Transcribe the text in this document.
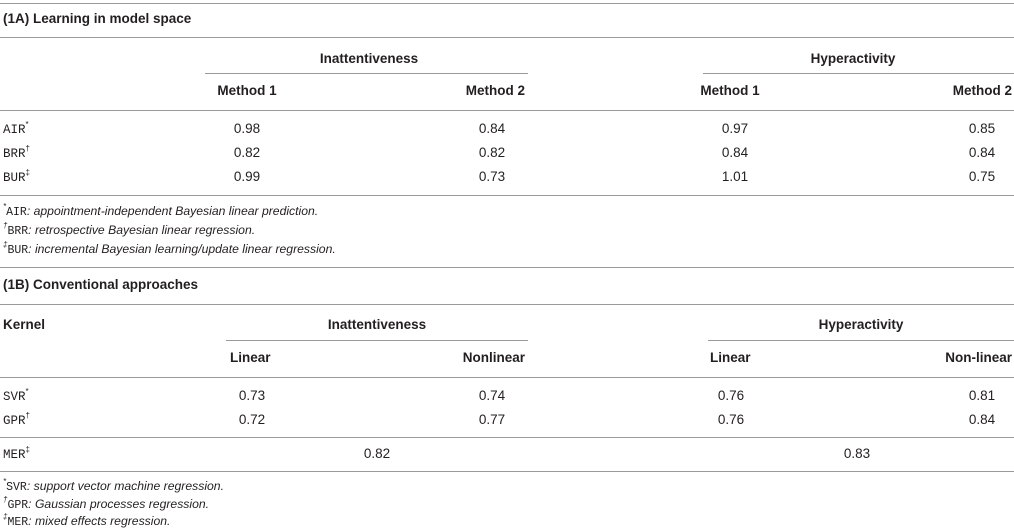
(1A) Learning in model space
Inattentiveness	Hyperactivity
Method 1	Method 2	Method 1	Method 2
AIR*	0.98	0.84	0.97	0.85
BRR†	0.82	0.82	0.84	0.84
BUR‡	0.99	0.73	1.01	0.75
*AIR: appointment-independent Bayesian linear prediction.
†BRR: retrospective Bayesian linear regression.
‡BUR: incremental Bayesian learning/update linear regression.
(1B) Conventional approaches
Kernel	Inattentiveness	Hyperactivity
Linear	Nonlinear	Linear	Non-linear
SVR*	0.73	0.74	0.76	0.81
GPR†	0.72	0.77	0.76	0.84
MER‡	0.82	0.83
*SVR: support vector machine regression.
†GPR: Gaussian processes regression.
‡MER: mixed effects regression.
